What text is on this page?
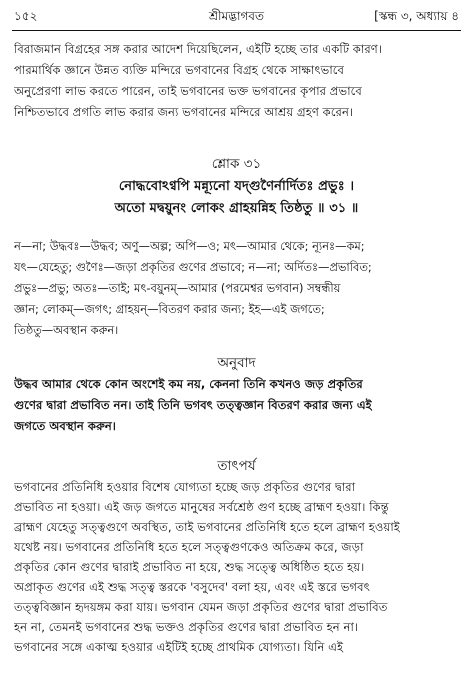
১৫২	শ্রীমদ্ভাগবত	[স্কন্ধ ৩, অধ্যায় ৪
বিরাজমান বিগ্রহের সঙ্গ করার আদেশ দিয়েছিলেন, এইটি হচ্ছে তার একটি কারণ।
পারমার্থিক জ্ঞানে উন্নত ব্যক্তি মন্দিরে ভগবানের বিগ্রহ থেকে সাক্ষাৎভাবে
অনুপ্রেরণা লাভ করতে পারেন, তাই ভগবানের ভক্ত ভগবানের কৃপার প্রভাবে
নিশ্চিতভাবে প্রগতি লাভ করার জন্য ভগবানের মন্দিরে আশ্রয় গ্রহণ করেন।
শ্লোক ৩১
নোদ্ধবোঽণ্বপি মন্ন্যূনো যদ্‌গুণৈর্নার্দিতঃ প্রভুঃ ।
অতো মদ্বয়ুনং লোকং গ্রাহয়ন্নিহ তিষ্ঠতু ॥ ৩১ ॥
ন—না; উদ্ধবঃ—উদ্ধব; অণু—অল্প; অপি—ও; মৎ—আমার থেকে; ন্যূনঃ—কম;
যৎ—যেহেতু; গুণৈঃ—জড়া প্রকৃতির গুণের প্রভাবে; ন—না; অর্দিতঃ—প্রভাবিত;
প্রভুঃ—প্রভু; অতঃ—তাই; মৎ-বয়ুনম্—আমার (পরমেশ্বর ভগবান) সম্বন্ধীয়
জ্ঞান; লোকম্—জগৎ; গ্রাহয়ন্—বিতরণ করার জন্য; ইহ—এই জগতে;
তিষ্ঠতু—অবস্থান করুন।
অনুবাদ
উদ্ধব আমার থেকে কোন অংশেই কম নয়, কেননা তিনি কখনও জড় প্রকৃতির
গুণের দ্বারা প্রভাবিত নন। তাই তিনি ভগবৎ তত্ত্বজ্ঞান বিতরণ করার জন্য এই
জগতে অবস্থান করুন।
তাৎপর্য
ভগবানের প্রতিনিধি হওয়ার বিশেষ যোগ্যতা হচ্ছে জড় প্রকৃতির গুণের দ্বারা
প্রভাবিত না হওয়া। এই জড় জগতে মানুষের সর্বশ্রেষ্ঠ গুণ হচ্ছে ব্রাহ্মণ হওয়া। কিন্তু
ব্রাহ্মণ যেহেতু সত্ত্বগুণে অবস্থিত, তাই ভগবানের প্রতিনিধি হতে হলে ব্রাহ্মণ হওয়াই
যথেষ্ট নয়। ভগবানের প্রতিনিধি হতে হলে সত্ত্বগুণকেও অতিক্রম করে, জড়া
প্রকৃতির কোন গুণের দ্বারাই প্রভাবিত না হয়ে, শুদ্ধ সত্ত্বে অধিষ্ঠিত হতে হয়।
অপ্রাকৃত গুণের এই শুদ্ধ সত্ত্ব স্তরকে 'বসুদেব' বলা হয়, এবং এই স্তরে ভগবৎ
তত্ত্ববিজ্ঞান হৃদয়ঙ্গম করা যায়। ভগবান যেমন জড়া প্রকৃতির গুণের দ্বারা প্রভাবিত
হন না, তেমনই ভগবানের শুদ্ধ ভক্তও প্রকৃতির গুণের দ্বারা প্রভাবিত হন না।
ভগবানের সঙ্গে একাত্ম হওয়ার এইটিই হচ্ছে প্রাথমিক যোগ্যতা। যিনি এই
